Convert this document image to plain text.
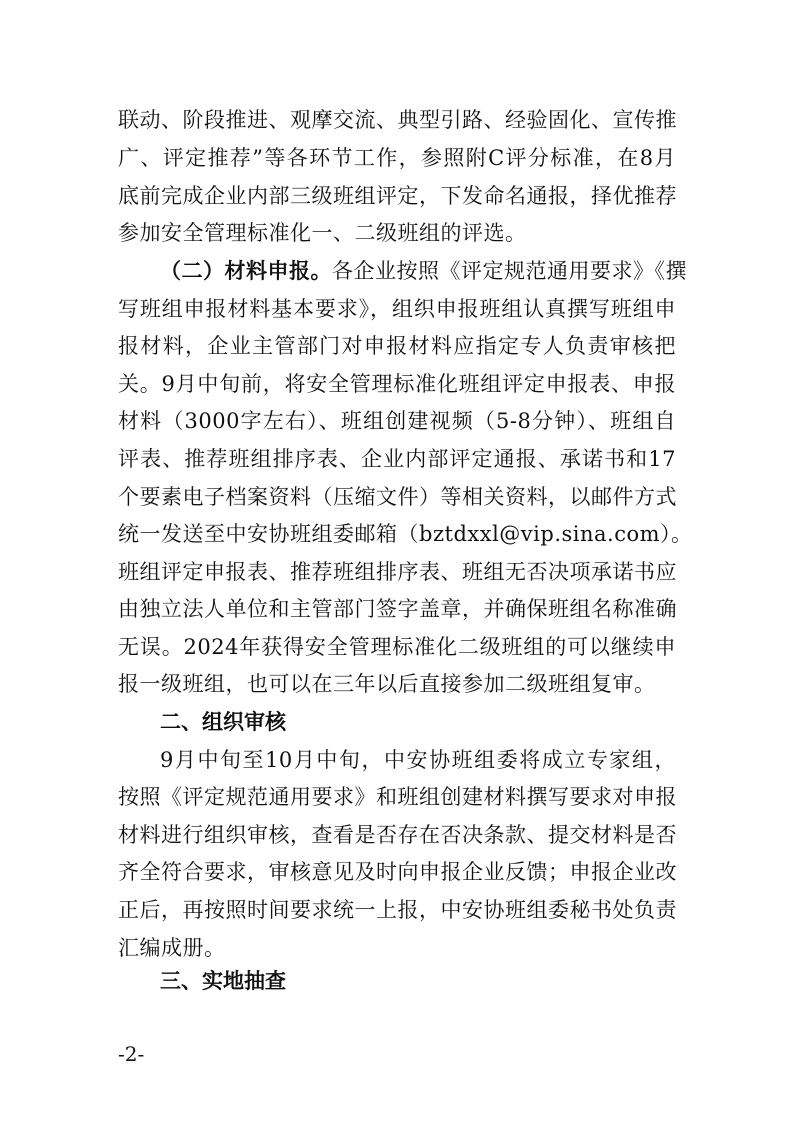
联动、阶段推进、观摩交流、典型引路、经验固化、宣传推
广、评定推荐”等各环节工作，参照附C评分标准，在8月
底前完成企业内部三级班组评定，下发命名通报，择优推荐
参加安全管理标准化一、二级班组的评选。
（二）材料申报。各企业按照《评定规范通用要求》《撰
写班组申报材料基本要求》，组织申报班组认真撰写班组申
报材料，企业主管部门对申报材料应指定专人负责审核把
关。9月中旬前，将安全管理标准化班组评定申报表、申报
材料（3000字左右）、班组创建视频（5-8分钟）、班组自
评表、推荐班组排序表、企业内部评定通报、承诺书和17
个要素电子档案资料（压缩文件）等相关资料，以邮件方式
统一发送至中安协班组委邮箱（bztdxxl@vip.sina.com）。
班组评定申报表、推荐班组排序表、班组无否决项承诺书应
由独立法人单位和主管部门签字盖章，并确保班组名称准确
无误。2024年获得安全管理标准化二级班组的可以继续申
报一级班组，也可以在三年以后直接参加二级班组复审。
二、组织审核
9月中旬至10月中旬，中安协班组委将成立专家组，
按照《评定规范通用要求》和班组创建材料撰写要求对申报
材料进行组织审核，查看是否存在否决条款、提交材料是否
齐全符合要求，审核意见及时向申报企业反馈；申报企业改
正后，再按照时间要求统一上报，中安协班组委秘书处负责
汇编成册。
三、实地抽查
-2-
